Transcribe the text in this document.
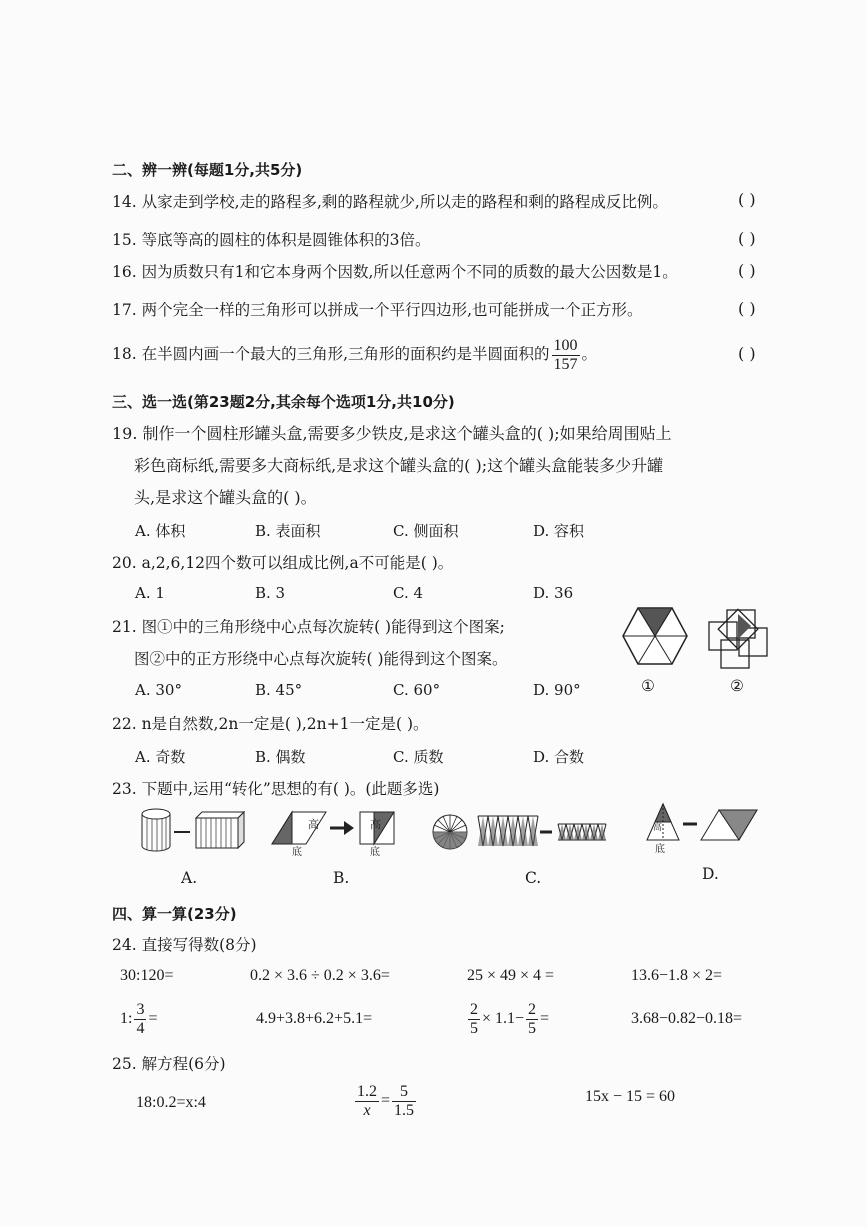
二、辨一辨(每题1分,共5分)
14. 从家走到学校,走的路程多,剩的路程就少,所以走的路程和剩的路程成反比例。	( )
15. 等底等高的圆柱的体积是圆锥体积的3倍。	( )
16. 因为质数只有1和它本身两个因数,所以任意两个不同的质数的最大公因数是1。	( )
17. 两个完全一样的三角形可以拼成一个平行四边形,也可能拼成一个正方形。	( )
18. 在半圆内画一个最大的三角形,三角形的面积约是半圆面积的 $\frac{100}{157}$ 。	( )
三、选一选(第23题2分,其余每个选项1分,共10分)
19. 制作一个圆柱形罐头盒,需要多少铁皮,是求这个罐头盒的( );如果给周围贴上
彩色商标纸,需要多大商标纸,是求这个罐头盒的( );这个罐头盒能装多少升罐
头,是求这个罐头盒的( )。
A. 体积	B. 表面积	C. 侧面积	D. 容积
20. a,2,6,12四个数可以组成比例,a不可能是( )。
A. 1	B. 3	C. 4	D. 36
21. 图①中的三角形绕中心点每次旋转( )能得到这个图案;
图②中的正方形绕中心点每次旋转( )能得到这个图案。
A. 30°	B. 45°	C. 60°	D. 90°	①	②
22. n是自然数,2n一定是( ),2n+1一定是( )。
A. 奇数	B. 偶数	C. 质数	D. 合数
23. 下题中,运用“转化”思想的有( )。(此题多选)
A.
高	高
底	底
B.	C.
高
底
D.
四、算一算(23分)
24. 直接写得数(8分)
30:120=	0.2 × 3.6 ÷ 0.2 × 3.6=	25 × 49 × 4 =	13.6−1.8 × 2=
1: $\frac{3}{4}$ =	4.9+3.8+6.2+5.1=	$\frac{2}{5} \times 1.1- \frac{2}{5}$ =	3.68−0.82−0.18=
25. 解方程(6分)
18:0.2=x:4	$\frac{1.2}{x} = \frac{5}{1.5}$	15x − 15 = 60
